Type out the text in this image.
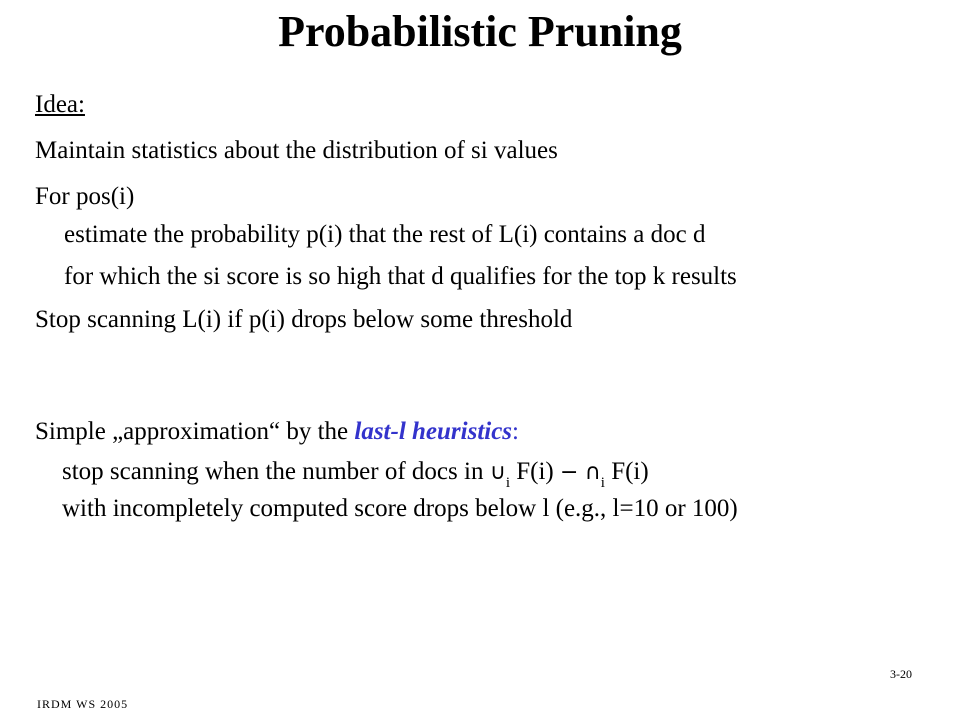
Probabilistic Pruning
Idea:
Maintain statistics about the distribution of si values
For pos(i)
estimate the probability p(i) that the rest of L(i) contains a doc d
for which the si score is so high that d qualifies for the top k results
Stop scanning L(i) if p(i) drops below some threshold
Simple „approximation“ by the last-l heuristics:
stop scanning when the number of docs in $\cup_i$ $F(i) - \cap_i$ F(i)
with incompletely computed score drops below l (e.g., l=10 or 100)
IRDM WS 2005
3-20
